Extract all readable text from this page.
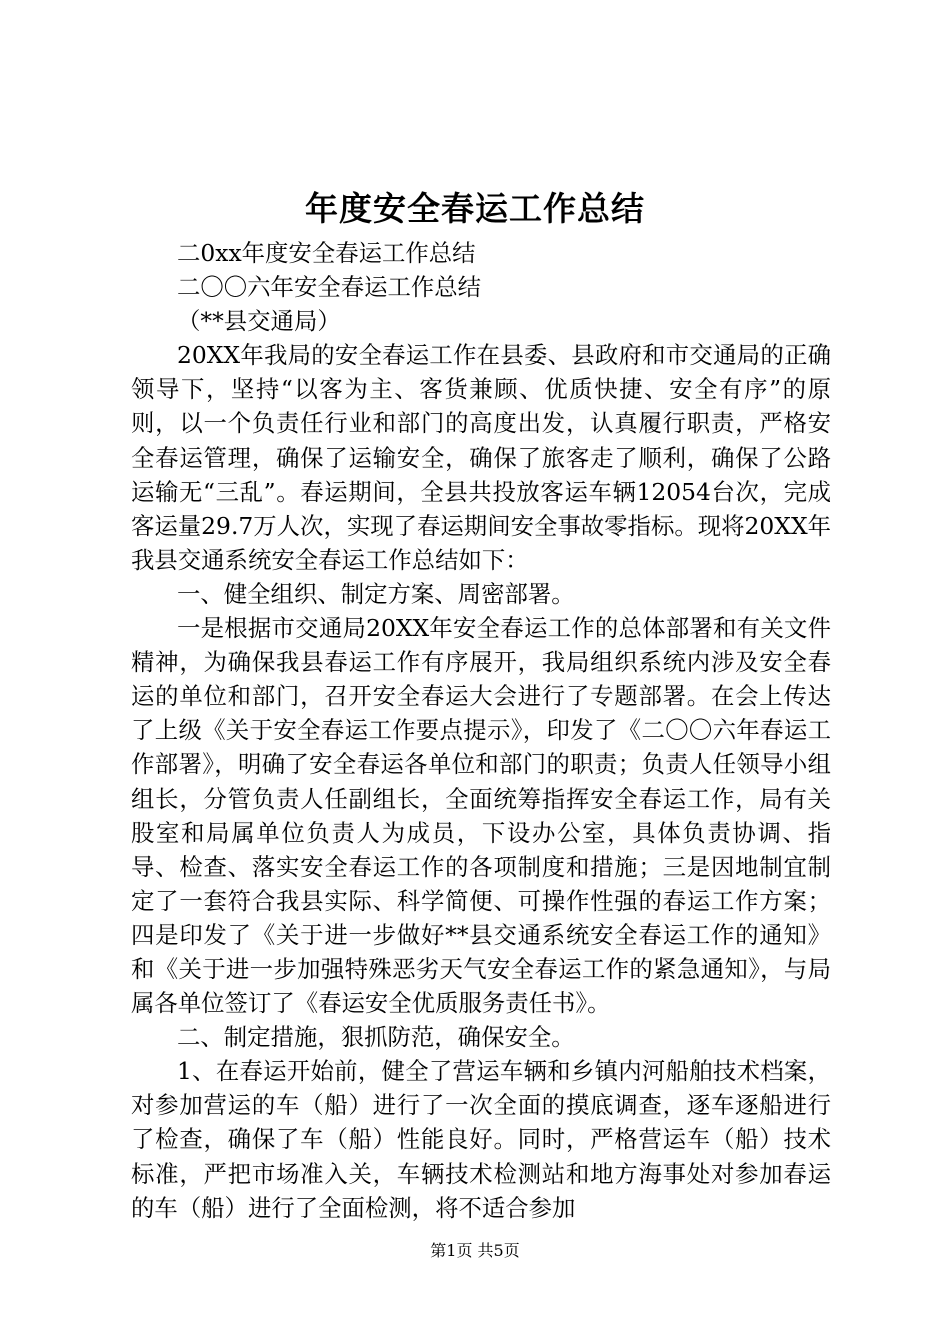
年度安全春运工作总结

二0xx年度安全春运工作总结

二〇〇六年安全春运工作总结

（**县交通局）

20XX年我局的安全春运工作在县委、县政府和市交通局的正确领导下，坚持“以客为主、客货兼顾、优质快捷、安全有序”的原则，以一个负责任行业和部门的高度出发，认真履行职责，严格安全春运管理，确保了运输安全，确保了旅客走了顺利，确保了公路运输无“三乱”。春运期间，全县共投放客运车辆12054台次，完成客运量29.7万人次，实现了春运期间安全事故零指标。现将20XX年我县交通系统安全春运工作总结如下：

一、健全组织、制定方案、周密部署。

一是根据市交通局20XX年安全春运工作的总体部署和有关文件精神，为确保我县春运工作有序展开，我局组织系统内涉及安全春运的单位和部门，召开安全春运大会进行了专题部署。在会上传达了上级《关于安全春运工作要点提示》，印发了《二〇〇六年春运工作部署》，明确了安全春运各单位和部门的职责；负责人任领导小组组长，分管负责人任副组长，全面统筹指挥安全春运工作，局有关股室和局属单位负责人为成员，下设办公室，具体负责协调、指导、检查、落实安全春运工作的各项制度和措施；三是因地制宜制定了一套符合我县实际、科学简便、可操作性强的春运工作方案；四是印发了《关于进一步做好**县交通系统安全春运工作的通知》和《关于进一步加强特殊恶劣天气安全春运工作的紧急通知》，与局属各单位签订了《春运安全优质服务责任书》。

二、制定措施，狠抓防范，确保安全。

1、在春运开始前，健全了营运车辆和乡镇内河船舶技术档案，对参加营运的车（船）进行了一次全面的摸底调查，逐车逐船进行了检查，确保了车（船）性能良好。同时，严格营运车（船）技术标准，严把市场准入关，车辆技术检测站和地方海事处对参加春运的车（船）进行了全面检测，将不适合参加

第1页 共5页
